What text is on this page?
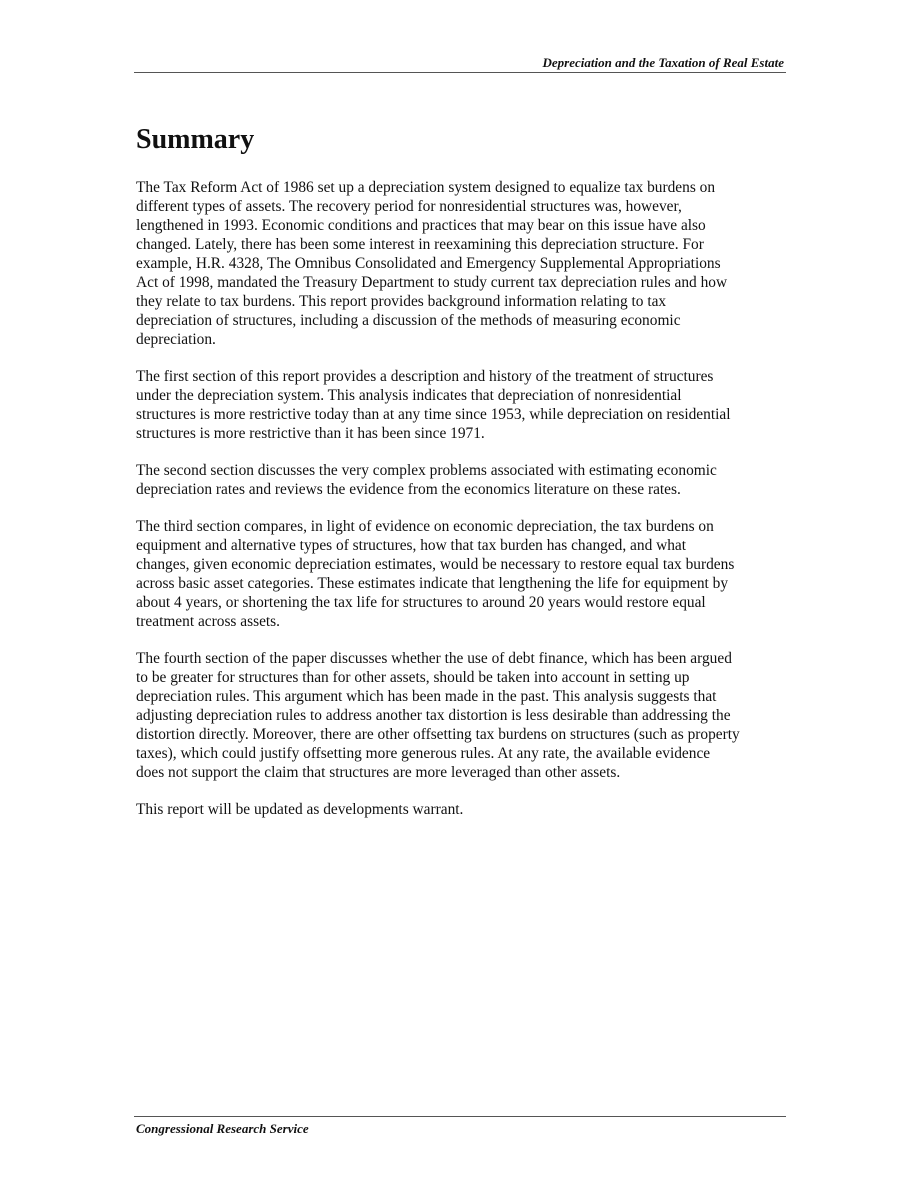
Depreciation and the Taxation of Real Estate
Summary

The Tax Reform Act of 1986 set up a depreciation system designed to equalize tax burdens on
different types of assets. The recovery period for nonresidential structures was, however,
lengthened in 1993. Economic conditions and practices that may bear on this issue have also
changed. Lately, there has been some interest in reexamining this depreciation structure. For
example, H.R. 4328, The Omnibus Consolidated and Emergency Supplemental Appropriations
Act of 1998, mandated the Treasury Department to study current tax depreciation rules and how
they relate to tax burdens. This report provides background information relating to tax
depreciation of structures, including a discussion of the methods of measuring economic
depreciation.

The first section of this report provides a description and history of the treatment of structures
under the depreciation system. This analysis indicates that depreciation of nonresidential
structures is more restrictive today than at any time since 1953, while depreciation on residential
structures is more restrictive than it has been since 1971.

The second section discusses the very complex problems associated with estimating economic
depreciation rates and reviews the evidence from the economics literature on these rates.

The third section compares, in light of evidence on economic depreciation, the tax burdens on
equipment and alternative types of structures, how that tax burden has changed, and what
changes, given economic depreciation estimates, would be necessary to restore equal tax burdens
across basic asset categories. These estimates indicate that lengthening the life for equipment by
about 4 years, or shortening the tax life for structures to around 20 years would restore equal
treatment across assets.

The fourth section of the paper discusses whether the use of debt finance, which has been argued
to be greater for structures than for other assets, should be taken into account in setting up
depreciation rules. This argument which has been made in the past. This analysis suggests that
adjusting depreciation rules to address another tax distortion is less desirable than addressing the
distortion directly. Moreover, there are other offsetting tax burdens on structures (such as property
taxes), which could justify offsetting more generous rules. At any rate, the available evidence
does not support the claim that structures are more leveraged than other assets.

This report will be updated as developments warrant.

Congressional Research Service
